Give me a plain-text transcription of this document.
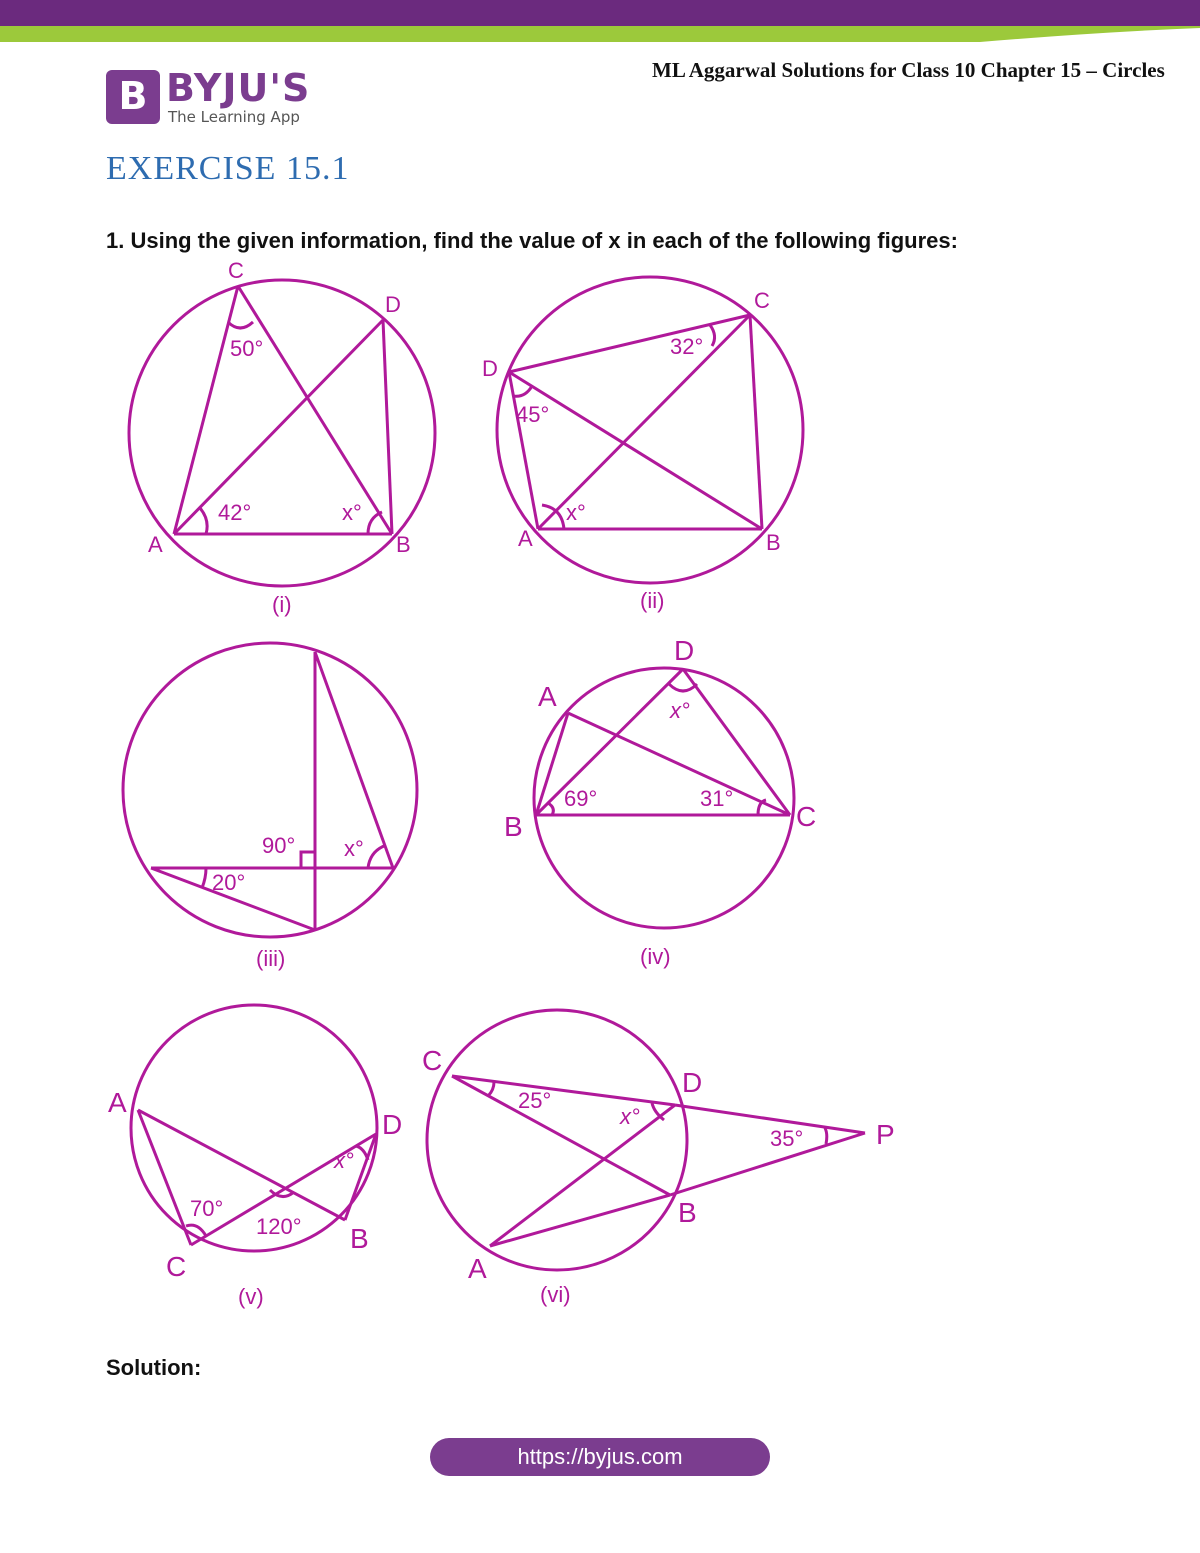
B BYJU'S
The Learning App
ML Aggarwal Solutions for Class 10 Chapter 15 – Circles
EXERCISE 15.1
1. Using the given information, find the value of x in each of the following figures:
C
D
A	B
50°
42°	x°
(i)
C
D
A	B
32°
45°
x°
(ii)
90°
20°
x°
(iii)
D
A
B	C
x°
69°	31°
(iv)
A
D
C
B
70°
120°
x°
(v)
C
D
P
B
A
25°
x°
35°
(vi)
Solution:
https://byjus.com
